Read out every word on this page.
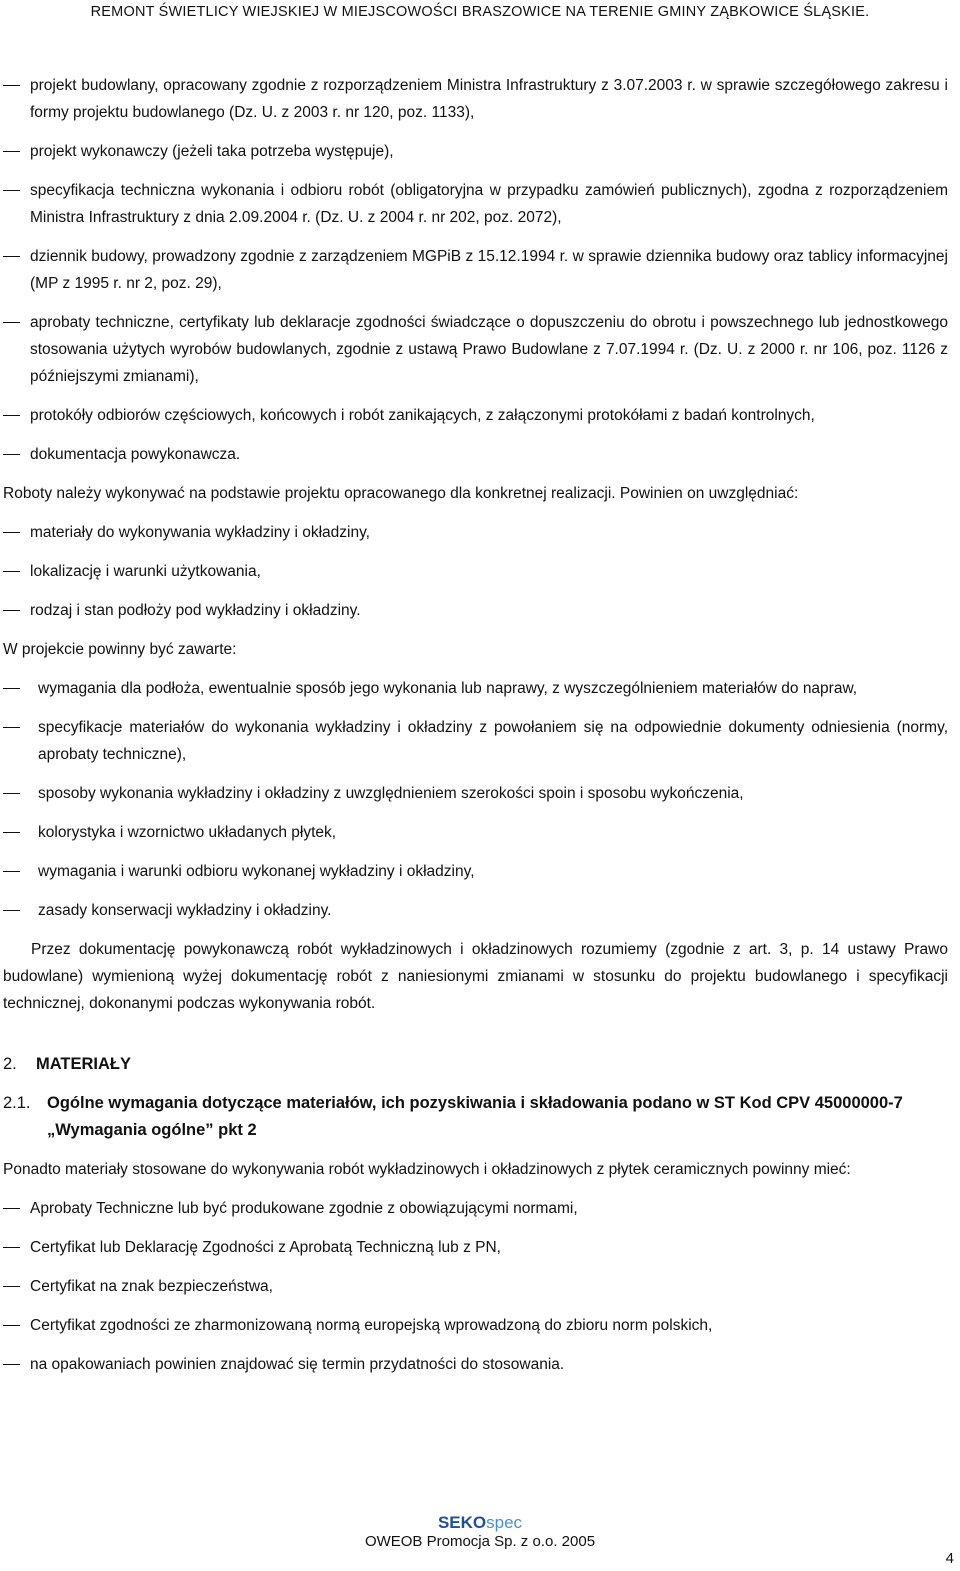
REMONT ŚWIETLICY WIEJSKIEJ W MIEJSCOWOŚCI BRASZOWICE NA TERENIE GMINY ZĄBKOWICE ŚLĄSKIE.
projekt budowlany, opracowany zgodnie z rozporządzeniem Ministra Infrastruktury z 3.07.2003 r. w sprawie szczegółowego zakresu i formy projektu budowlanego (Dz. U. z 2003 r. nr 120, poz. 1133),
projekt wykonawczy (jeżeli taka potrzeba występuje),
specyfikacja techniczna wykonania i odbioru robót (obligatoryjna w przypadku zamówień publicznych), zgodna z rozporządzeniem Ministra Infrastruktury z dnia 2.09.2004 r. (Dz. U. z 2004 r. nr 202, poz. 2072),
dziennik budowy, prowadzony zgodnie z zarządzeniem MGPiB z 15.12.1994 r. w sprawie dziennika budowy oraz tablicy informacyjnej (MP z 1995 r. nr 2, poz. 29),
aprobaty techniczne, certyfikaty lub deklaracje zgodności świadczące o dopuszczeniu do obrotu i powszechnego lub jednostkowego stosowania użytych wyrobów budowlanych, zgodnie z ustawą Prawo Budowlane z 7.07.1994 r. (Dz. U. z 2000 r. nr 106, poz. 1126 z późniejszymi zmianami),
protokóły odbiorów częściowych, końcowych i robót zanikających, z załączonymi protokółami z badań kontrolnych,
dokumentacja powykonawcza.

Roboty należy wykonywać na podstawie projektu opracowanego dla konkretnej realizacji. Powinien on uwzględniać:

materiały do wykonywania wykładziny i okładziny,
lokalizację i warunki użytkowania,
rodzaj i stan podłoży pod wykładziny i okładziny.

W projekcie powinny być zawarte:

wymagania dla podłoża, ewentualnie sposób jego wykonania lub naprawy, z wyszczególnieniem materiałów do napraw,
specyfikacje materiałów do wykonania wykładziny i okładziny z powołaniem się na odpowiednie dokumenty odniesienia (normy, aprobaty techniczne),
sposoby wykonania wykładziny i okładziny z uwzględnieniem szerokości spoin i sposobu wykończenia,
kolorystyka i wzornictwo układanych płytek,
wymagania i warunki odbioru wykonanej wykładziny i okładziny,
zasady konserwacji wykładziny i okładziny.

Przez dokumentację powykonawczą robót wykładzinowych i okładzinowych rozumiemy (zgodnie z art. 3, p. 14 ustawy Prawo budowlane) wymienioną wyżej dokumentację robót z naniesionymi zmianami w stosunku do projektu budowlanego i specyfikacji technicznej, dokonanymi podczas wykonywania robót.

2. MATERIAŁY
2.1. Ogólne wymagania dotyczące materiałów, ich pozyskiwania i składowania podano w ST Kod CPV 45000000-7 „Wymagania ogólne” pkt 2

Ponadto materiały stosowane do wykonywania robót wykładzinowych i okładzinowych z płytek ceramicznych powinny mieć:

Aprobaty Techniczne lub być produkowane zgodnie z obowiązującymi normami,
Certyfikat lub Deklarację Zgodności z Aprobatą Techniczną lub z PN,
Certyfikat na znak bezpieczeństwa,
Certyfikat zgodności ze zharmonizowaną normą europejską wprowadzoną do zbioru norm polskich,
na opakowaniach powinien znajdować się termin przydatności do stosowania.
SEKOspec
OWEOB Promocja Sp. z o.o. 2005
4
